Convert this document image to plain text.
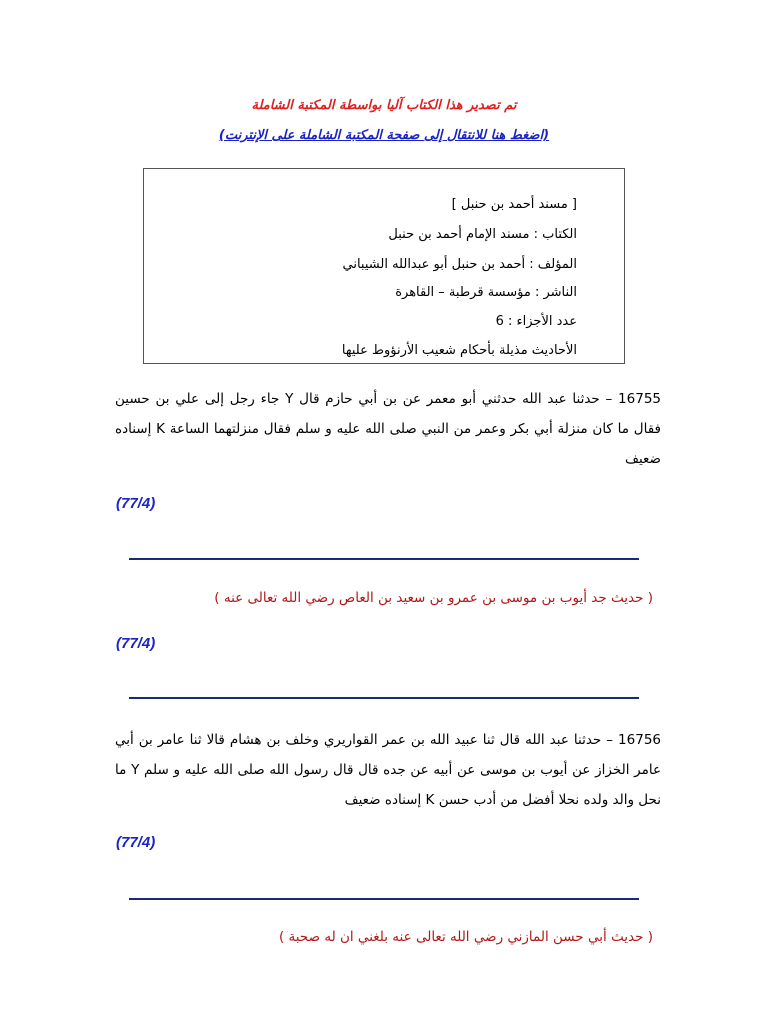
تم تصدير هذا الكتاب آليا بواسطة المكتبة الشاملة
(اضغط هنا للانتقال إلى صفحة المكتبة الشاملة على الإنترنت)
[ مسند أحمد بن حنبل ]
الكتاب : مسند الإمام أحمد بن حنبل
المؤلف : أحمد بن حنبل أبو عبدالله الشيباني
الناشر : مؤسسة قرطبة – القاهرة
عدد الأجزاء : 6
الأحاديث مذيلة بأحكام شعيب الأرنؤوط عليها
16755 – حدثنا عبد الله حدثني أبو معمر عن بن أبي حازم قال Y جاء رجل إلى علي بن حسين فقال ما كان منزلة أبي بكر وعمر من النبي صلى الله عليه و سلم فقال منزلتهما الساعة K إسناده ضعيف
(77/4)
( حديث جد أيوب بن موسى بن عمرو بن سعيد بن العاص رضي الله تعالى عنه )
(77/4)
16756 – حدثنا عبد الله قال ثنا عبيد الله بن عمر القواريري وخلف بن هشام قالا ثنا عامر بن أبي عامر الخزاز عن أيوب بن موسى عن أبيه عن جده قال قال رسول الله صلى الله عليه و سلم Y ما نحل والد ولده نحلا أفضل من أدب حسن K إسناده ضعيف
(77/4)
( حديث أبي حسن المازني رضي الله تعالى عنه بلغني ان له صحبة )
